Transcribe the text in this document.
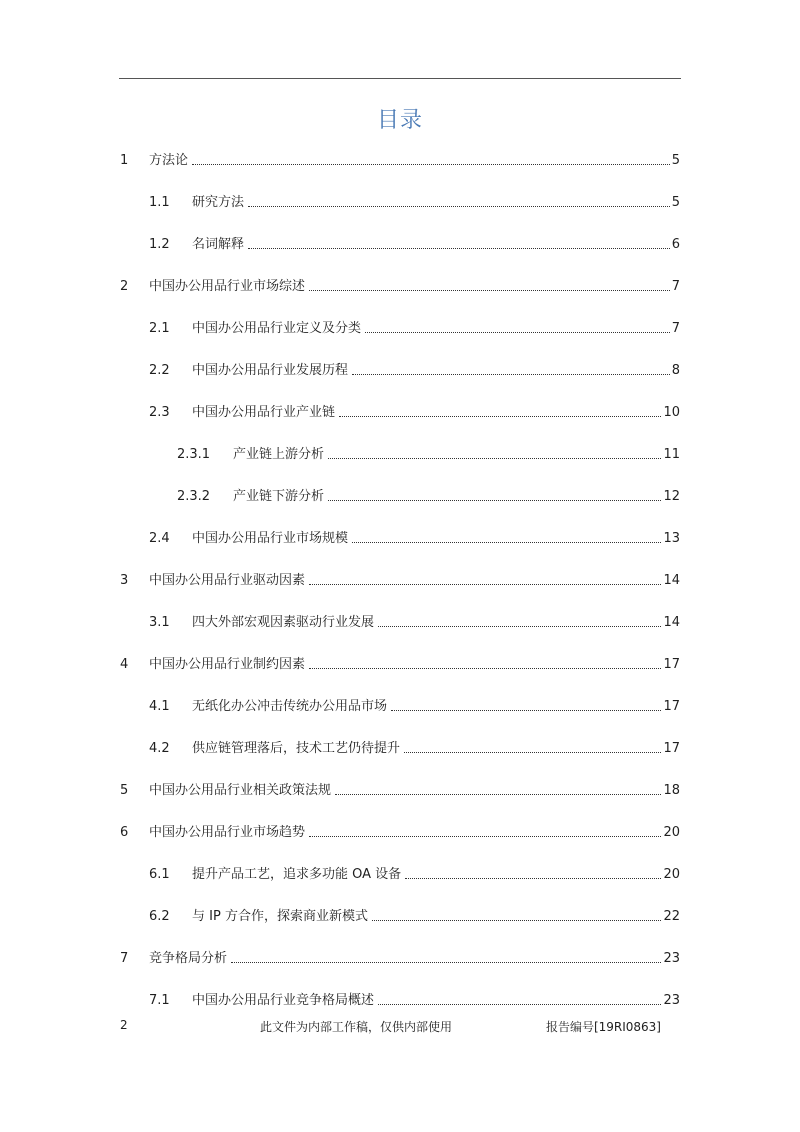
目录
1	方法论	5
1.1	研究方法	5
1.2	名词解释	6
2	中国办公用品行业市场综述	7
2.1	中国办公用品行业定义及分类	7
2.2	中国办公用品行业发展历程	8
2.3	中国办公用品行业产业链	10
2.3.1	产业链上游分析	11
2.3.2	产业链下游分析	12
2.4	中国办公用品行业市场规模	13
3	中国办公用品行业驱动因素	14
3.1	四大外部宏观因素驱动行业发展	14
4	中国办公用品行业制约因素	17
4.1	无纸化办公冲击传统办公用品市场	17
4.2	供应链管理落后，技术工艺仍待提升	17
5	中国办公用品行业相关政策法规	18
6	中国办公用品行业市场趋势	20
6.1	提升产品工艺，追求多功能 OA 设备	20
6.2	与 IP 方合作，探索商业新模式	22
7	竞争格局分析	23
7.1	中国办公用品行业竞争格局概述	23
2	此文件为内部工作稿，仅供内部使用	报告编号[19RI0863]
